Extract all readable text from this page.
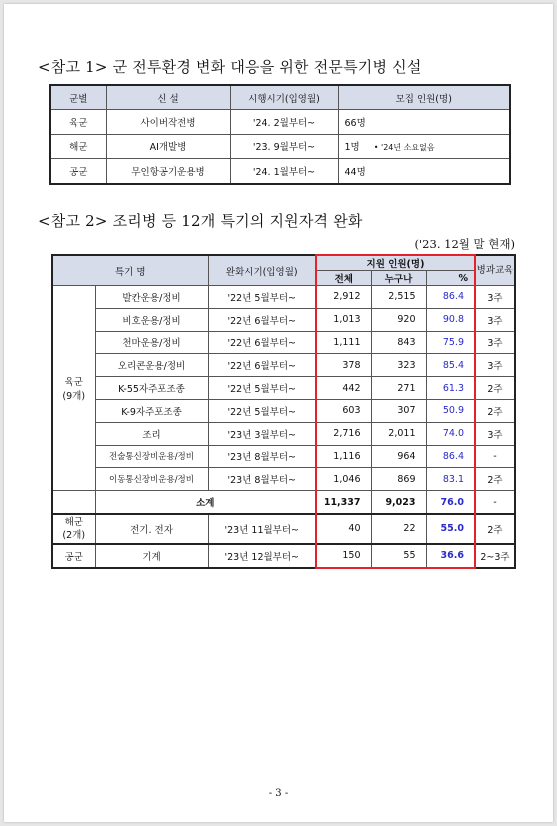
<참고 1> 군 전투환경 변화 대응을 위한 전문특기병 신설
군별	신 설	시행시기(입영월)	모집 인원(명)
육군	사이버작전병	'24. 2월부터~	66명
해군	AI개발병	'23. 9월부터~	1명 • '24년 소요없음
공군	무인항공기운용병	'24. 1월부터~	44명
<참고 2> 조리병 등 12개 특기의 지원자격 완화
('23. 12월 말 현재)
특기 명		완화시기(입영월)	지원 인원(명)			병과교육
			전체	누구나	%	
육군
(9개)	발칸운용/정비	'22년 5월부터~	2,912	2,515	86.4	3주
	비호운용/정비	'22년 6월부터~	1,013	920	90.8	3주
	천마운용/정비	'22년 6월부터~	1,111	843	75.9	3주
	오리콘운용/정비	'22년 6월부터~	378	323	85.4	3주
	K-55자주포조종	'22년 5월부터~	442	271	61.3	2주
	K-9자주포조종	'22년 5월부터~	603	307	50.9	2주
	조리	'23년 3월부터~	2,716	2,011	74.0	3주
	전술통신장비운용/정비	'23년 8월부터~	1,116	964	86.4	-
	이동통신장비운용/정비	'23년 8월부터~	1,046	869	83.1	2주
	소계		11,337	9,023	76.0	-
해군
(2개)	전기. 전자	'23년 11월부터~	40	22	55.0	2주
공군	기계	'23년 12월부터~	150	55	36.6	2~3주
- 3 -
